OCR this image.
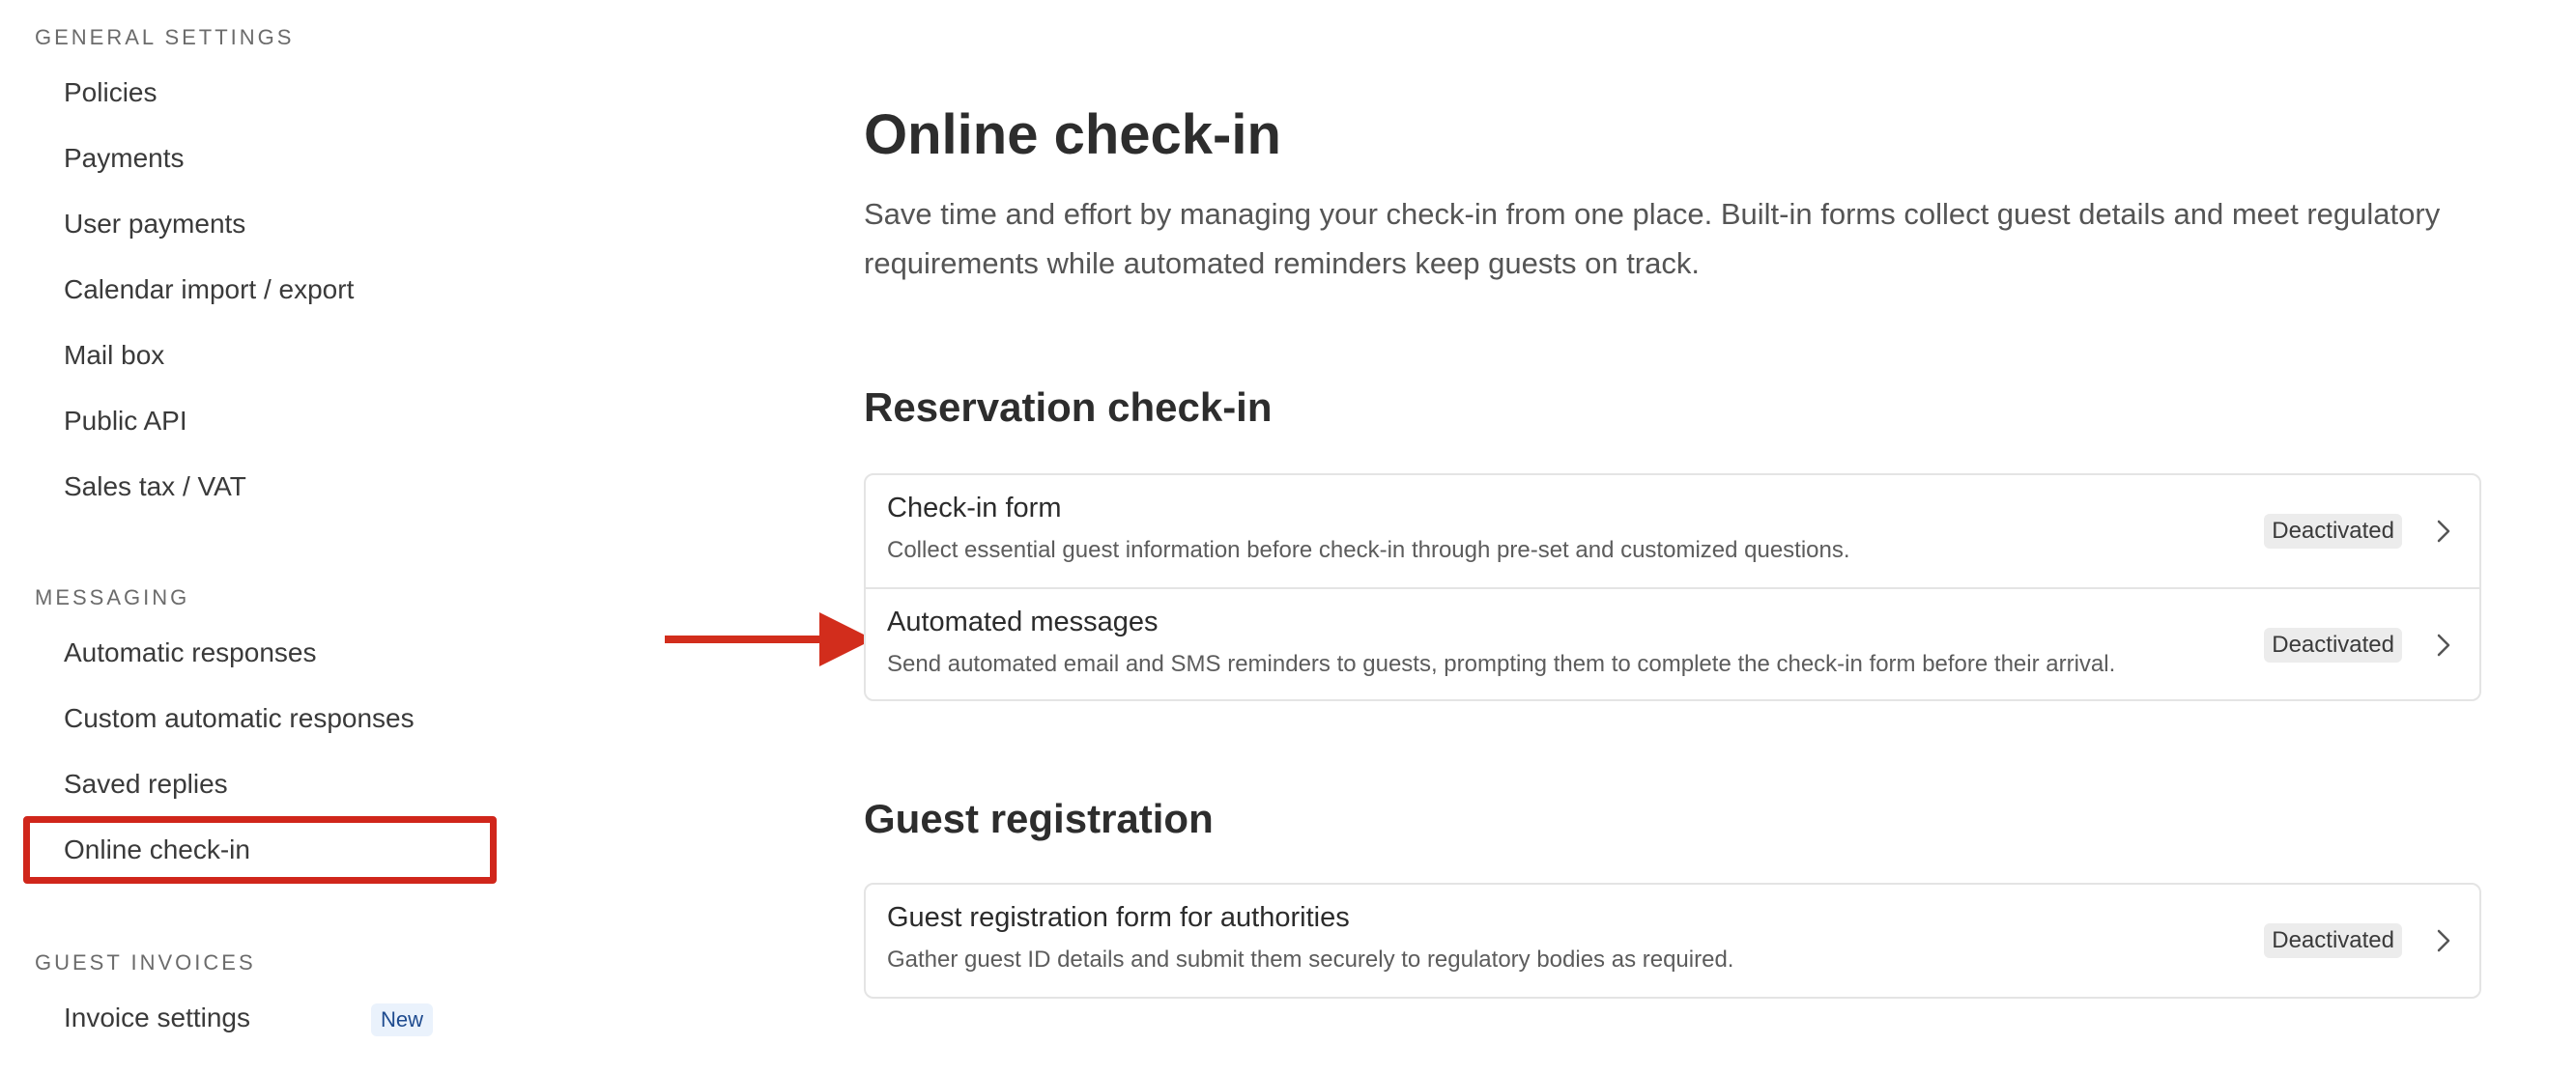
GENERAL SETTINGS
Policies
Payments
User payments
Calendar import / export
Mail box
Public API
Sales tax / VAT
MESSAGING
Automatic responses
Custom automatic responses
Saved replies
Online check-in
GUEST INVOICES
Invoice settings	New
Online check-in

Save time and effort by managing your check-in from one place. Built-in forms collect guest details and meet regulatory requirements while automated reminders keep guests on track.

Reservation check-in
Check-in form
Collect essential guest information before check-in through pre-set and customized questions.
Deactivated
Automated messages
Send automated email and SMS reminders to guests, prompting them to complete the check-in form before their arrival.
Deactivated
Guest registration
Guest registration form for authorities
Gather guest ID details and submit them securely to regulatory bodies as required.
Deactivated
